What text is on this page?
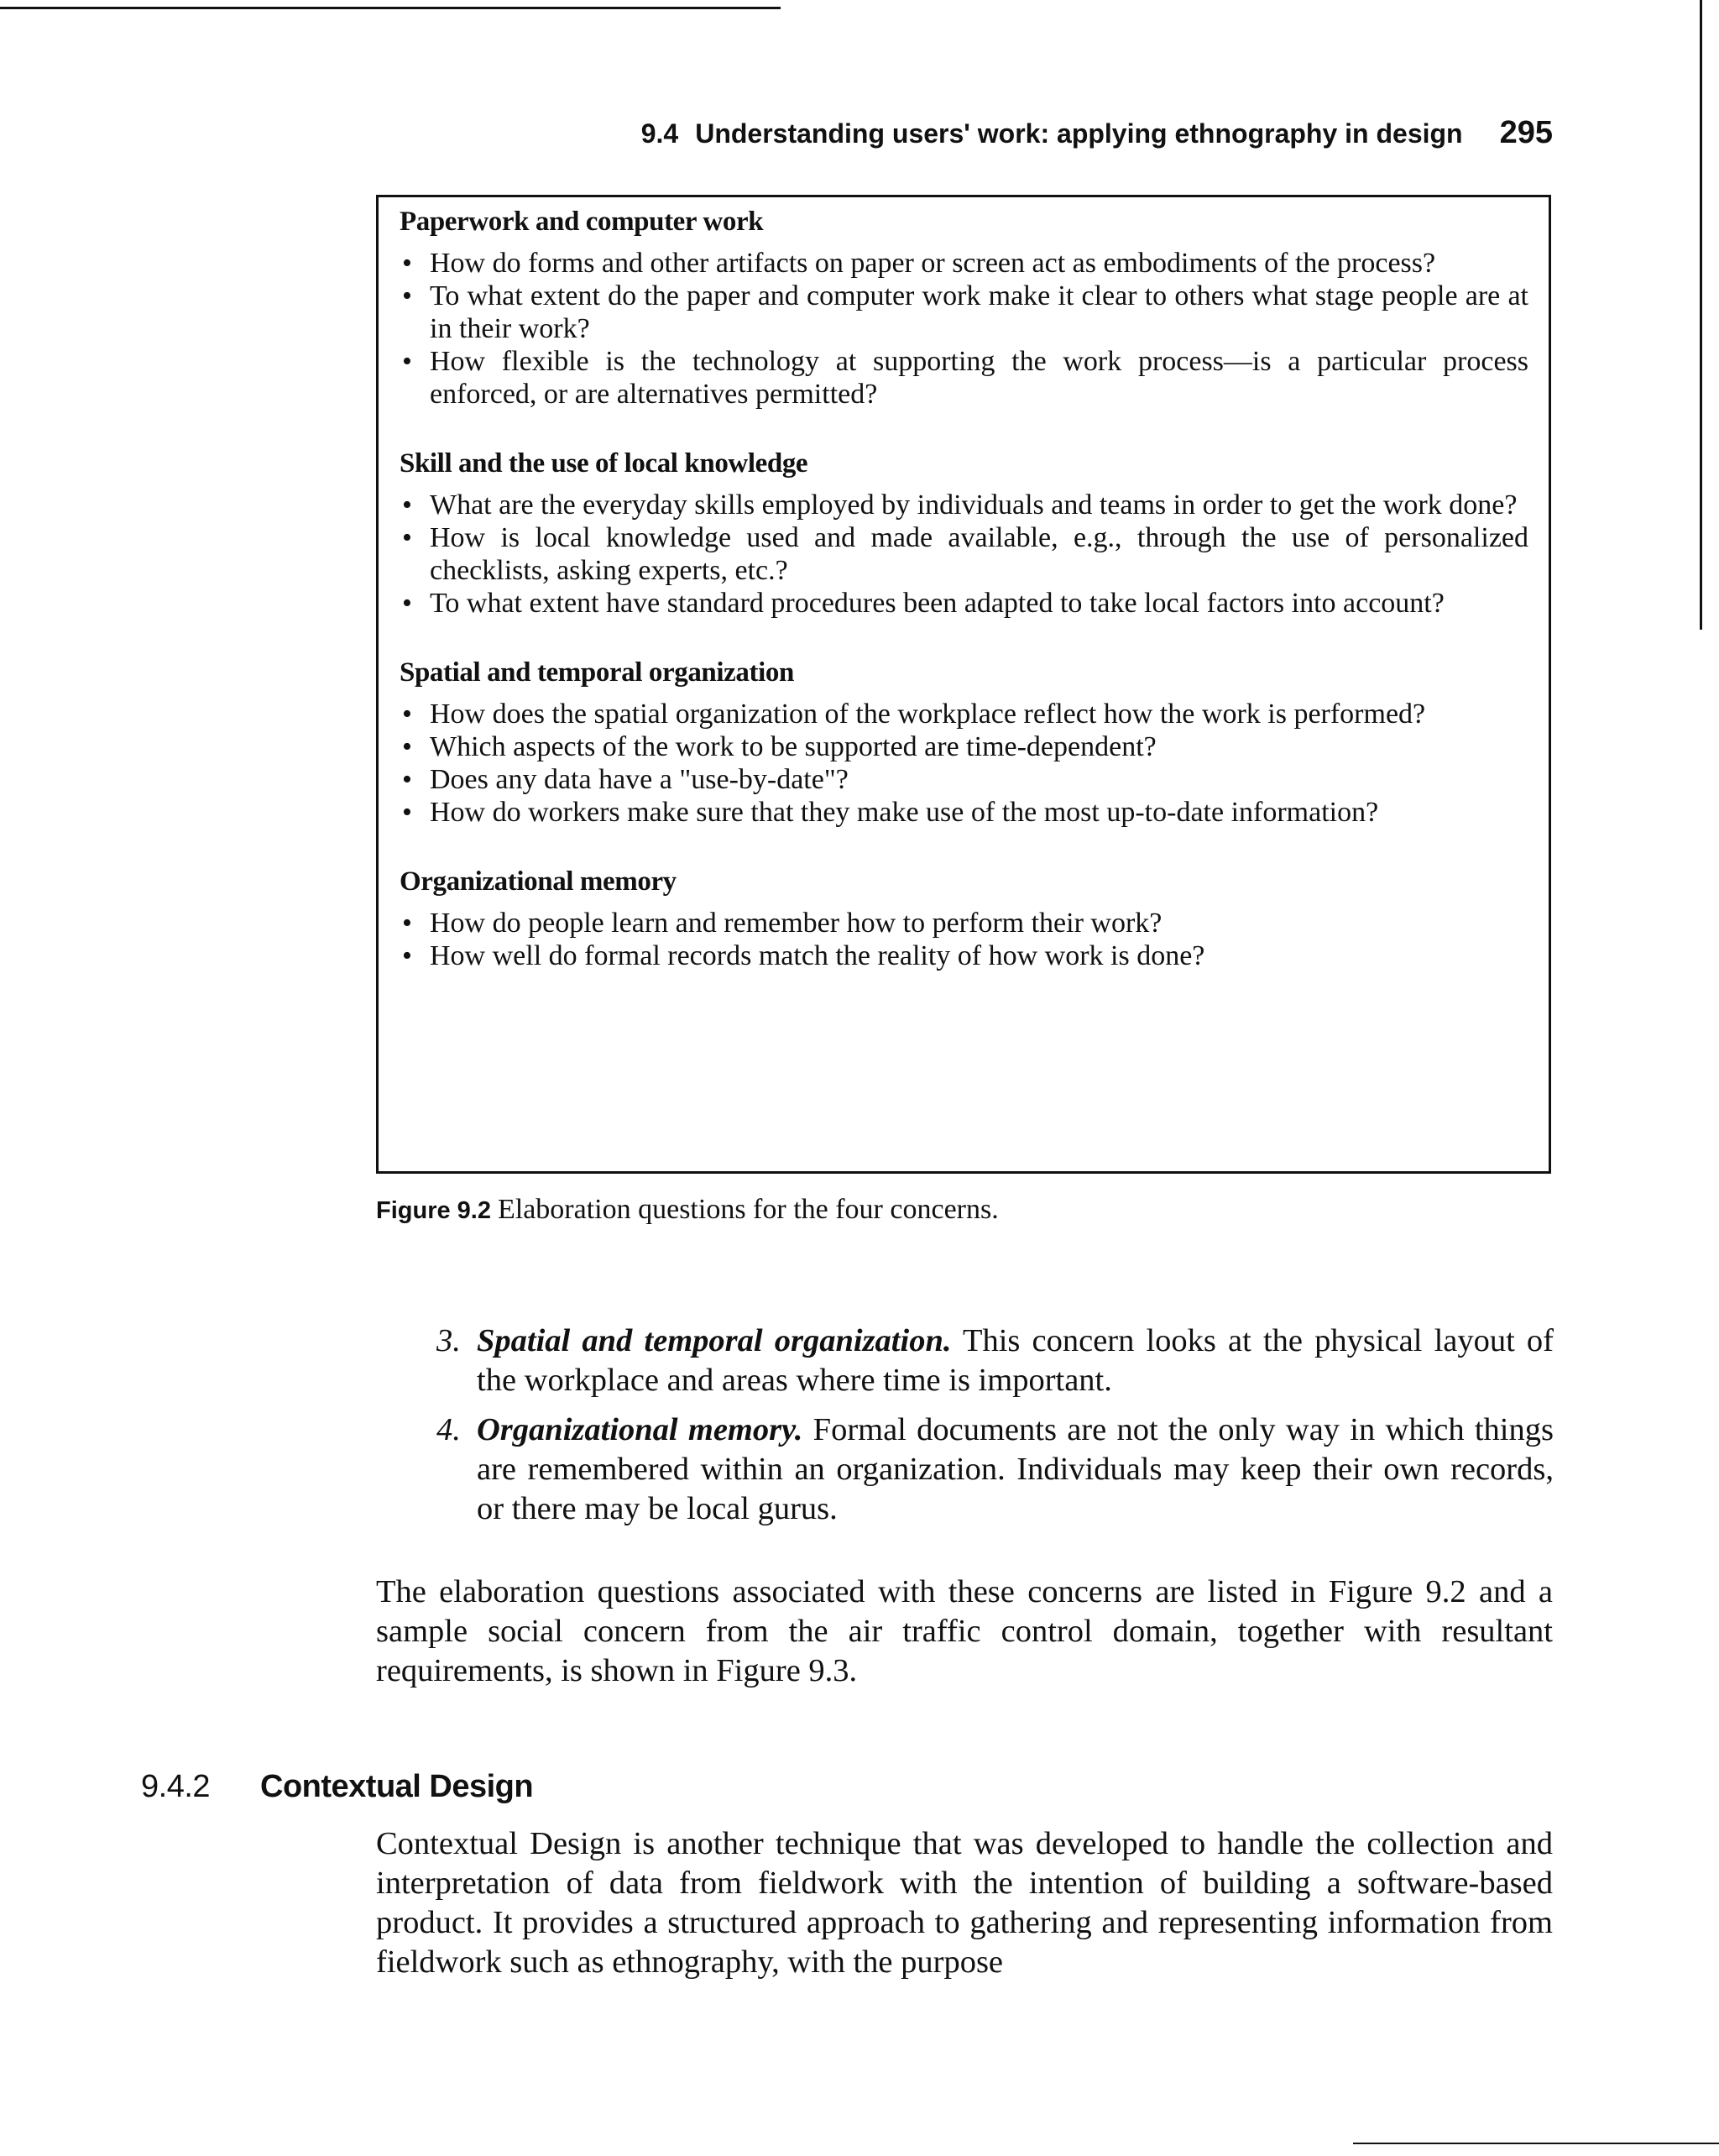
9.4 Understanding users' work: applying ethnography in design 295
Paperwork and computer work
• How do forms and other artifacts on paper or screen act as embodiments of the process?
• To what extent do the paper and computer work make it clear to others what stage people are at in their work?
• How flexible is the technology at supporting the work process—is a particular process enforced, or are alternatives permitted?
Skill and the use of local knowledge
• What are the everyday skills employed by individuals and teams in order to get the work done?
• How is local knowledge used and made available, e.g., through the use of personalized checklists, asking experts, etc.?
• To what extent have standard procedures been adapted to take local factors into account?
Spatial and temporal organization
• How does the spatial organization of the workplace reflect how the work is performed?
• Which aspects of the work to be supported are time-dependent?
• Does any data have a "use-by-date"?
• How do workers make sure that they make use of the most up-to-date information?
Organizational memory
• How do people learn and remember how to perform their work?
• How well do formal records match the reality of how work is done?
Figure 9.2 Elaboration questions for the four concerns.
3. Spatial and temporal organization. This concern looks at the physical layout of the workplace and areas where time is important.
4. Organizational memory. Formal documents are not the only way in which things are remembered within an organization. Individuals may keep their own records, or there may be local gurus.

The elaboration questions associated with these concerns are listed in Figure 9.2 and a sample social concern from the air traffic control domain, together with resultant requirements, is shown in Figure 9.3.

9.4.2 Contextual Design

Contextual Design is another technique that was developed to handle the collection and interpretation of data from fieldwork with the intention of building a software-based product. It provides a structured approach to gathering and representing information from fieldwork such as ethnography, with the purpose
